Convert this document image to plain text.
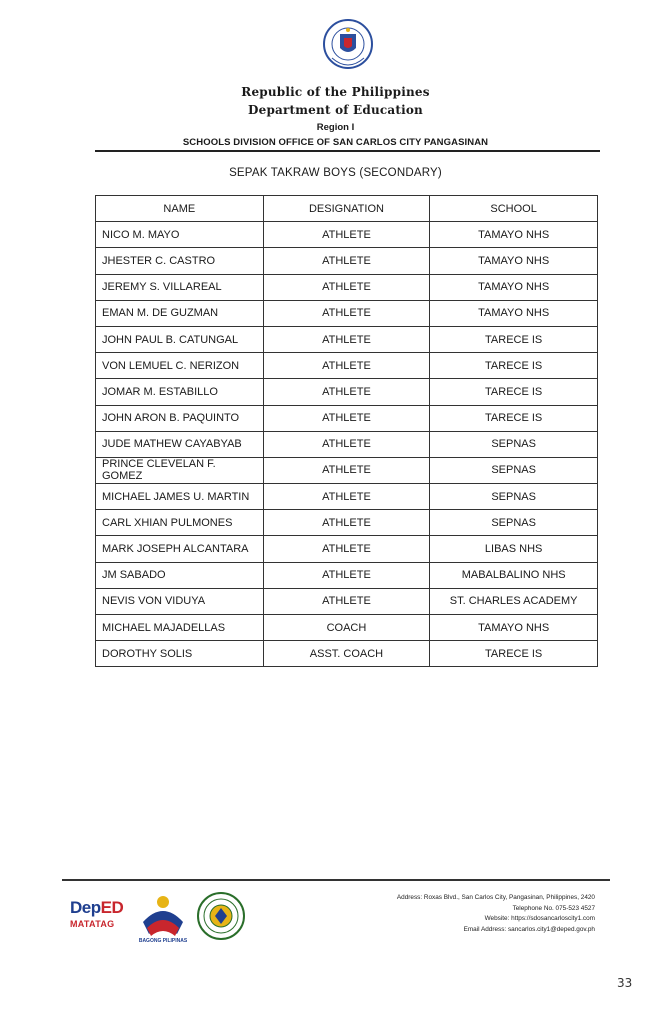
Republic of the Philippines
Department of Education
Region I
SCHOOLS DIVISION OFFICE OF SAN CARLOS CITY PANGASINAN
SEPAK TAKRAW BOYS (SECONDARY)
NAME	DESIGNATION	SCHOOL
NICO M. MAYO	ATHLETE	TAMAYO NHS
JHESTER C. CASTRO	ATHLETE	TAMAYO NHS
JEREMY S. VILLAREAL	ATHLETE	TAMAYO NHS
EMAN M. DE GUZMAN	ATHLETE	TAMAYO NHS
JOHN PAUL B. CATUNGAL	ATHLETE	TARECE IS
VON LEMUEL C. NERIZON	ATHLETE	TARECE IS
JOMAR M. ESTABILLO	ATHLETE	TARECE IS
JOHN ARON B. PAQUINTO	ATHLETE	TARECE IS
JUDE MATHEW CAYABYAB	ATHLETE	SEPNAS
PRINCE CLEVELAN F. GOMEZ	ATHLETE	SEPNAS
MICHAEL JAMES U. MARTIN	ATHLETE	SEPNAS
CARL XHIAN PULMONES	ATHLETE	SEPNAS
MARK JOSEPH ALCANTARA	ATHLETE	LIBAS NHS
JM SABADO	ATHLETE	MABALBALINO NHS
NEVIS VON VIDUYA	ATHLETE	ST. CHARLES ACADEMY
MICHAEL MAJADELLAS	COACH	TAMAYO NHS
DOROTHY SOLIS	ASST. COACH	TARECE IS
DepED
MATATAG
BAGONG PILIPINAS
Address: Roxas Blvd., San Carlos City, Pangasinan, Philippines, 2420
Telephone No. 075-523 4527
Website: https://sdosancarloscity1.com
Email Address: sancarlos.city1@deped.gov.ph
33
